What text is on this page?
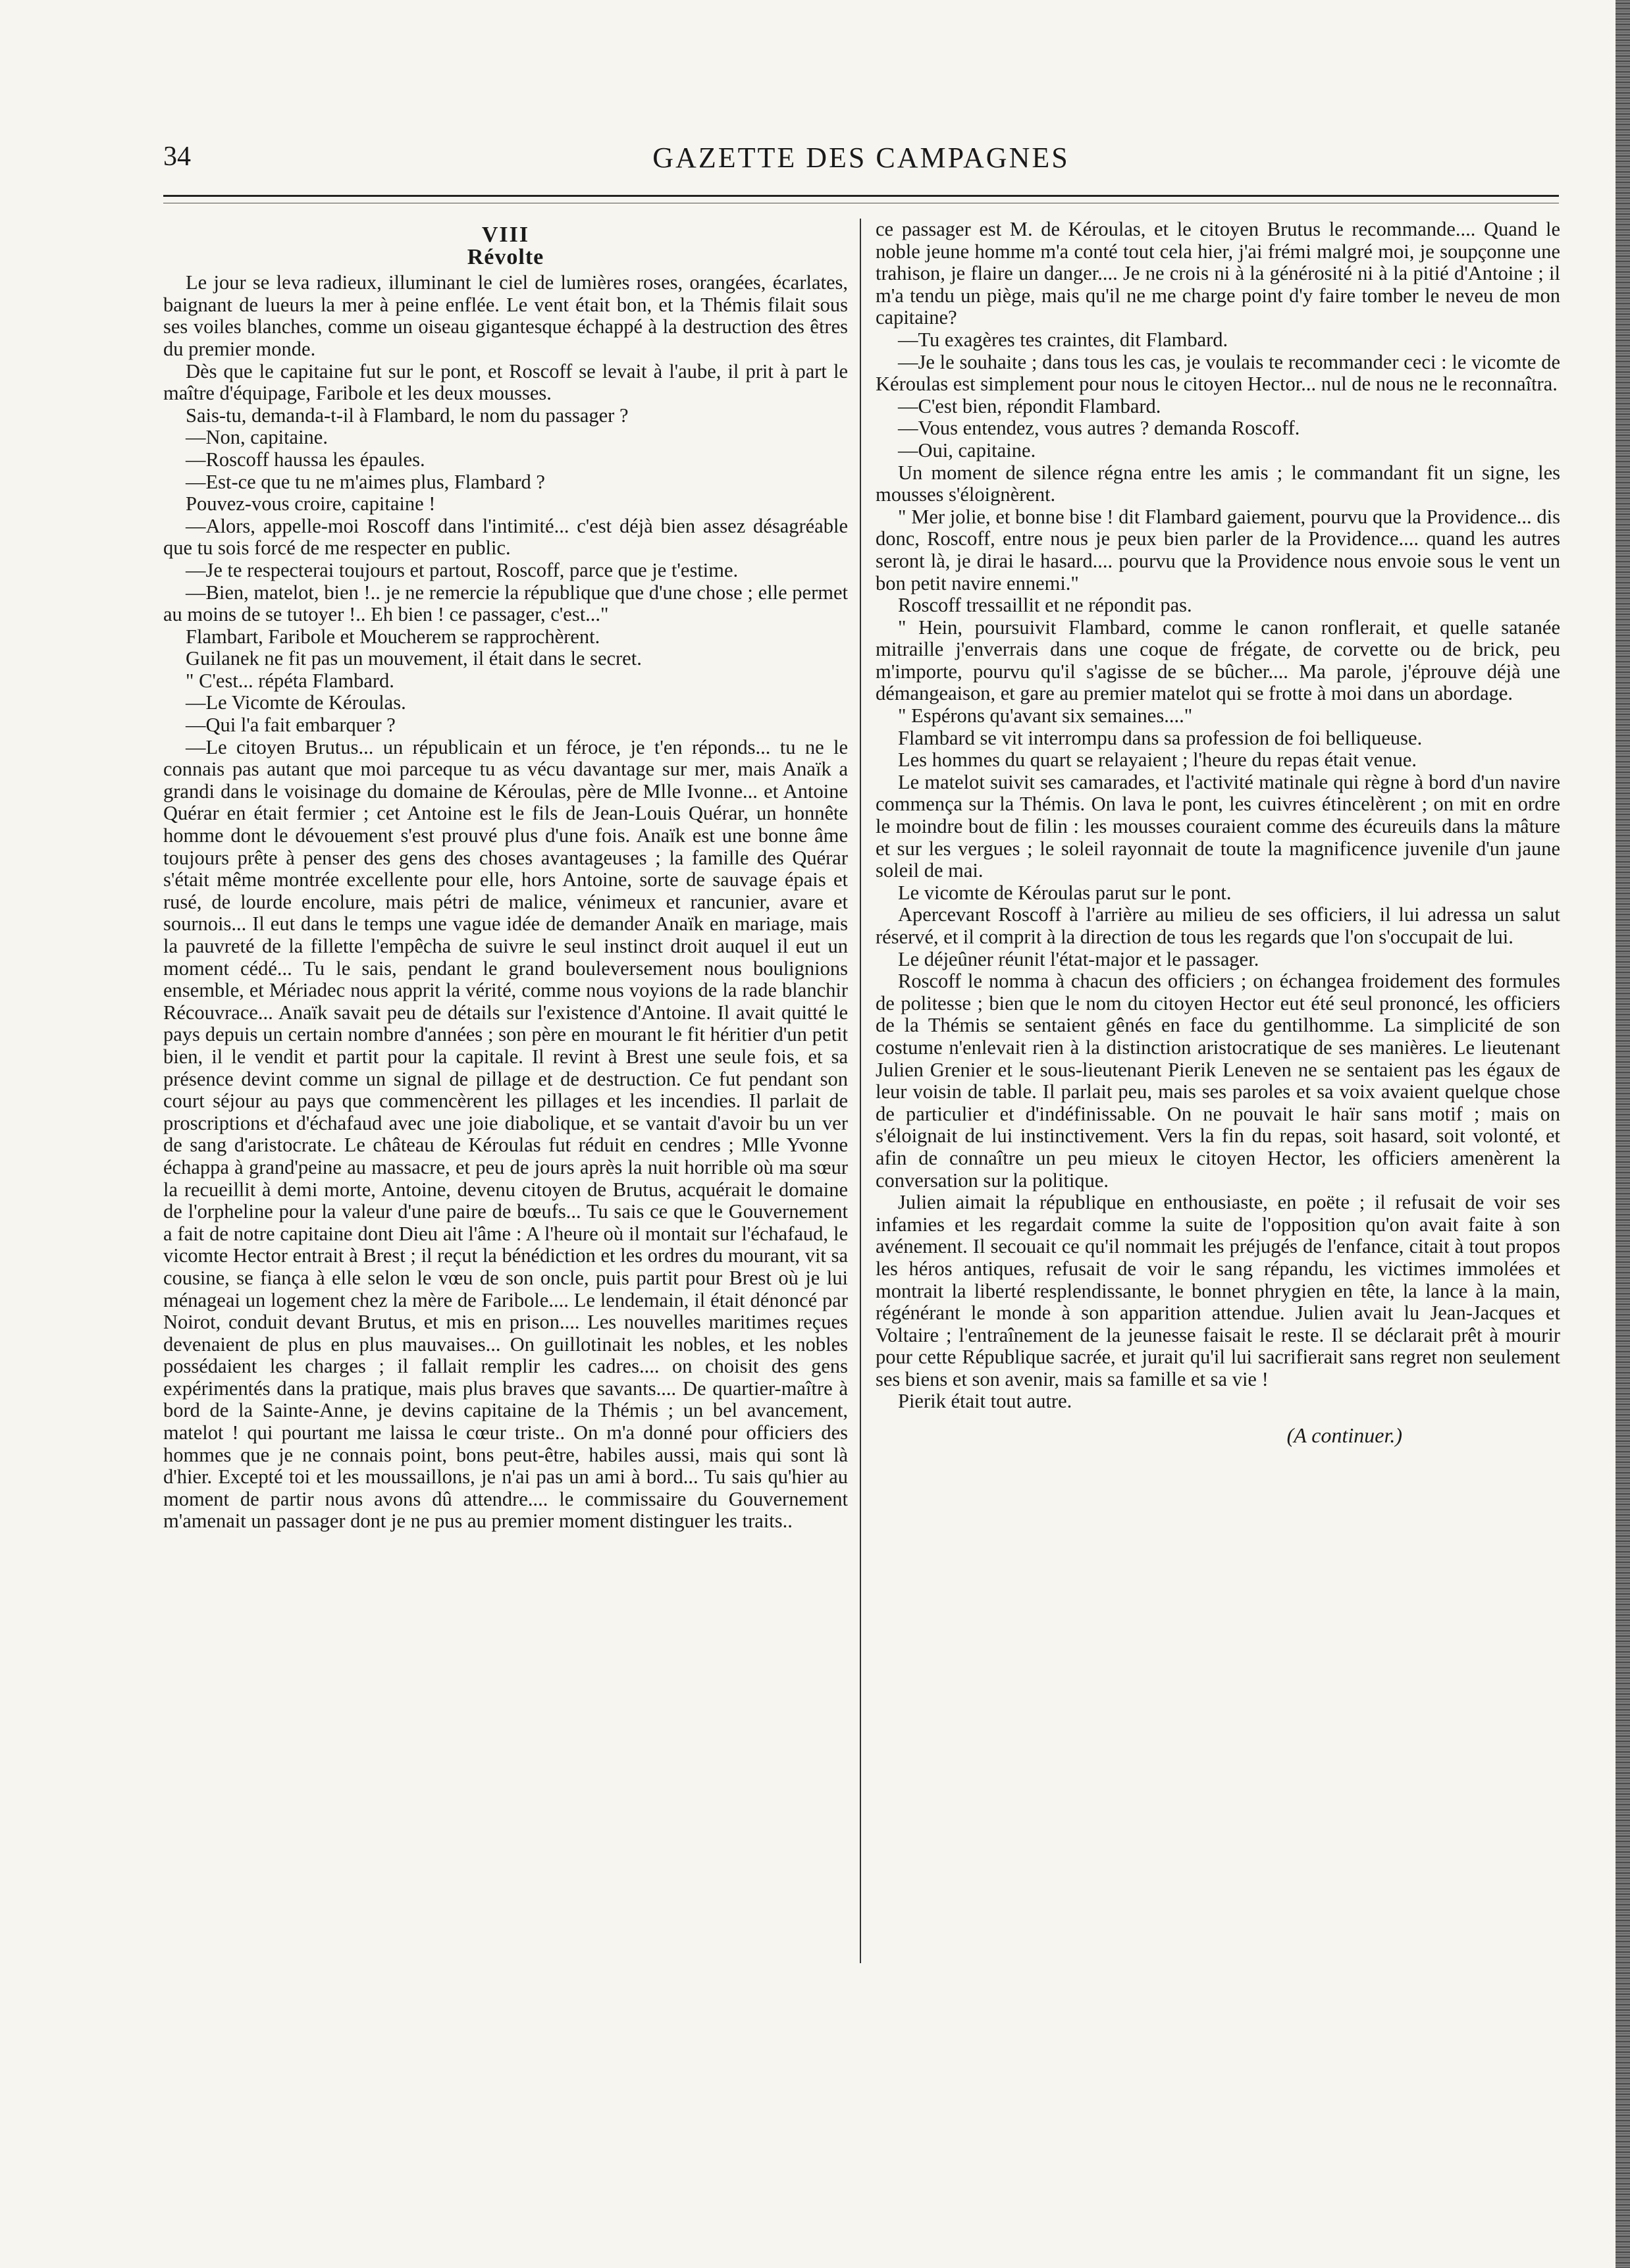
34	GAZETTE DES CAMPAGNES
VIII
Révolte

Le jour se leva radieux, illuminant le ciel de lumières roses, orangées, écarlates, baignant de lueurs la mer à peine enflée. Le vent était bon, et la Thémis filait sous ses voiles blanches, comme un oiseau gigantesque échappé à la destruction des êtres du premier monde.

Dès que le capitaine fut sur le pont, et Roscoff se levait à l'aube, il prit à part le maître d'équipage, Faribole et les deux mousses.

Sais-tu, demanda-t-il à Flambard, le nom du passager ?

—Non, capitaine.

—Roscoff haussa les épaules.

—Est-ce que tu ne m'aimes plus, Flambard ?

Pouvez-vous croire, capitaine !

—Alors, appelle-moi Roscoff dans l'intimité... c'est déjà bien assez désagréable que tu sois forcé de me respecter en public.

—Je te respecterai toujours et partout, Roscoff, parce que je t'estime.

—Bien, matelot, bien !.. je ne remercie la république que d'une chose ; elle permet au moins de se tutoyer !.. Eh bien ! ce passager, c'est..."

Flambart, Faribole et Moucherem se rapprochèrent.

Guilanek ne fit pas un mouvement, il était dans le secret.

" C'est... répéta Flambard.

—Le Vicomte de Kéroulas.

—Qui l'a fait embarquer ?

—Le citoyen Brutus... un républicain et un féroce, je t'en réponds... tu ne le connais pas autant que moi parceque tu as vécu davantage sur mer, mais Anaïk a grandi dans le voisinage du domaine de Kéroulas, père de Mlle Ivonne... et Antoine Quérar en était fermier ; cet Antoine est le fils de Jean-Louis Quérar, un honnête homme dont le dévouement s'est prouvé plus d'une fois. Anaïk est une bonne âme toujours prête à penser des gens des choses avantageuses ; la famille des Quérar s'était même montrée excellente pour elle, hors Antoine, sorte de sauvage épais et rusé, de lourde encolure, mais pétri de malice, vénimeux et rancunier, avare et sournois... Il eut dans le temps une vague idée de demander Anaïk en mariage, mais la pauvreté de la fillette l'empêcha de suivre le seul instinct droit auquel il eut un moment cédé... Tu le sais, pendant le grand bouleversement nous boulignions ensemble, et Mériadec nous apprit la vérité, comme nous voyions de la rade blanchir Récouvrace... Anaïk savait peu de détails sur l'existence d'Antoine. Il avait quitté le pays depuis un certain nombre d'années ; son père en mourant le fit héritier d'un petit bien, il le vendit et partit pour la capitale. Il revint à Brest une seule fois, et sa présence devint comme un signal de pillage et de destruction. Ce fut pendant son court séjour au pays que commencèrent les pillages et les incendies. Il parlait de proscriptions et d'échafaud avec une joie diabolique, et se vantait d'avoir bu un ver de sang d'aristocrate. Le château de Kéroulas fut réduit en cendres ; Mlle Yvonne échappa à grand'peine au massacre, et peu de jours après la nuit horrible où ma sœur la recueillit à demi morte, Antoine, devenu citoyen de Brutus, acquérait le domaine de l'orpheline pour la valeur d'une paire de bœufs... Tu sais ce que le Gouvernement a fait de notre capitaine dont Dieu ait l'âme : A l'heure où il montait sur l'échafaud, le vicomte Hector entrait à Brest ; il reçut la bénédiction et les ordres du mourant, vit sa cousine, se fiança à elle selon le vœu de son oncle, puis partit pour Brest où je lui ménageai un logement chez la mère de Faribole.... Le lendemain, il était dénoncé par Noirot, conduit devant Brutus, et mis en prison.... Les nouvelles maritimes reçues devenaient de plus en plus mauvaises... On guillotinait les nobles, et les nobles possédaient les charges ; il fallait remplir les cadres.... on choisit des gens expérimentés dans la pratique, mais plus braves que savants.... De quartier-maître à bord de la Sainte-Anne, je devins capitaine de la Thémis ; un bel avancement, matelot ! qui pourtant me laissa le cœur triste.. On m'a donné pour officiers des hommes que je ne connais point, bons peut-être, habiles aussi, mais qui sont là d'hier. Excepté toi et les moussaillons, je n'ai pas un ami à bord... Tu sais qu'hier au moment de partir nous avons dû attendre.... le commissaire du Gouvernement m'amenait un passager dont je ne pus au premier moment distinguer les traits..

ce passager est M. de Kéroulas, et le citoyen Brutus le recommande.... Quand le noble jeune homme m'a conté tout cela hier, j'ai frémi malgré moi, je soupçonne une trahison, je flaire un danger.... Je ne crois ni à la générosité ni à la pitié d'Antoine ; il m'a tendu un piège, mais qu'il ne me charge point d'y faire tomber le neveu de mon capitaine?

—Tu exagères tes craintes, dit Flambard.

—Je le souhaite ; dans tous les cas, je voulais te recommander ceci : le vicomte de Kéroulas est simplement pour nous le citoyen Hector... nul de nous ne le reconnaîtra.

—C'est bien, répondit Flambard.

—Vous entendez, vous autres ? demanda Roscoff.

—Oui, capitaine.

Un moment de silence régna entre les amis ; le commandant fit un signe, les mousses s'éloignèrent.

" Mer jolie, et bonne bise ! dit Flambard gaiement, pourvu que la Providence... dis donc, Roscoff, entre nous je peux bien parler de la Providence.... quand les autres seront là, je dirai le hasard.... pourvu que la Providence nous envoie sous le vent un bon petit navire ennemi."

Roscoff tressaillit et ne répondit pas.

" Hein, poursuivit Flambard, comme le canon ronflerait, et quelle satanée mitraille j'enverrais dans une coque de frégate, de corvette ou de brick, peu m'importe, pourvu qu'il s'agisse de se bûcher.... Ma parole, j'éprouve déjà une démangeaison, et gare au premier matelot qui se frotte à moi dans un abordage.

" Espérons qu'avant six semaines...."

Flambard se vit interrompu dans sa profession de foi belliqueuse.

Les hommes du quart se relayaient ; l'heure du repas était venue.

Le matelot suivit ses camarades, et l'activité matinale qui règne à bord d'un navire commença sur la Thémis. On lava le pont, les cuivres étincelèrent ; on mit en ordre le moindre bout de filin : les mousses couraient comme des écureuils dans la mâture et sur les vergues ; le soleil rayonnait de toute la magnificence juvenile d'un jaune soleil de mai.

Le vicomte de Kéroulas parut sur le pont.

Apercevant Roscoff à l'arrière au milieu de ses officiers, il lui adressa un salut réservé, et il comprit à la direction de tous les regards que l'on s'occupait de lui.

Le déjeûner réunit l'état-major et le passager.

Roscoff le nomma à chacun des officiers ; on échangea froidement des formules de politesse ; bien que le nom du citoyen Hector eut été seul prononcé, les officiers de la Thémis se sentaient gênés en face du gentilhomme. La simplicité de son costume n'enlevait rien à la distinction aristocratique de ses manières. Le lieutenant Julien Grenier et le sous-lieutenant Pierik Leneven ne se sentaient pas les égaux de leur voisin de table. Il parlait peu, mais ses paroles et sa voix avaient quelque chose de particulier et d'indéfinissable. On ne pouvait le haïr sans motif ; mais on s'éloignait de lui instinctivement. Vers la fin du repas, soit hasard, soit volonté, et afin de connaître un peu mieux le citoyen Hector, les officiers amenèrent la conversation sur la politique.

Julien aimait la république en enthousiaste, en poëte ; il refusait de voir ses infamies et les regardait comme la suite de l'opposition qu'on avait faite à son avénement. Il secouait ce qu'il nommait les préjugés de l'enfance, citait à tout propos les héros antiques, refusait de voir le sang répandu, les victimes immolées et montrait la liberté resplendissante, le bonnet phrygien en tête, la lance à la main, régénérant le monde à son apparition attendue. Julien avait lu Jean-Jacques et Voltaire ; l'entraînement de la jeunesse faisait le reste. Il se déclarait prêt à mourir pour cette République sacrée, et jurait qu'il lui sacrifierait sans regret non seulement ses biens et son avenir, mais sa famille et sa vie !

Pierik était tout autre.

(A continuer.)
